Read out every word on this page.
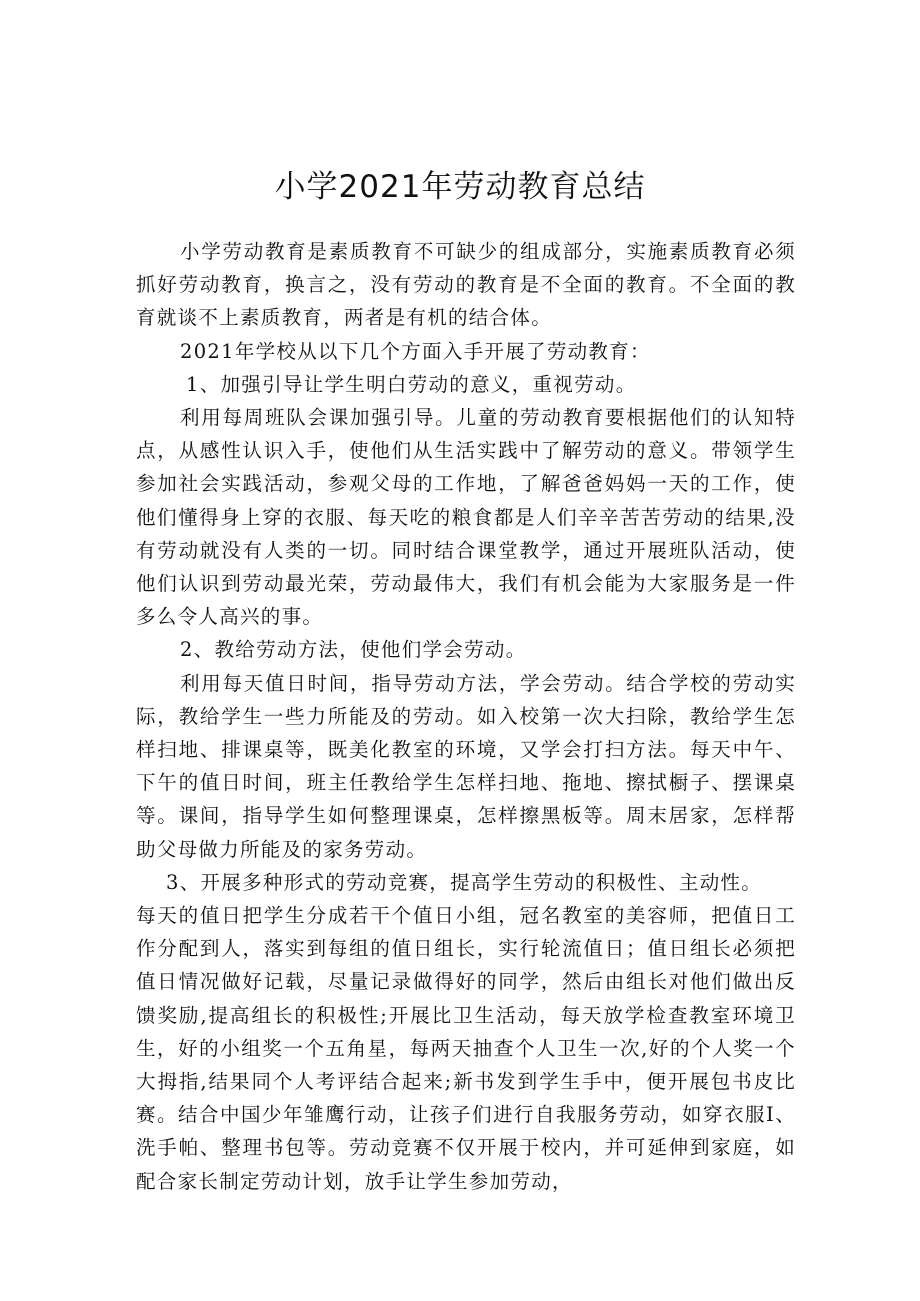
小学2021年劳动教育总结

小学劳动教育是素质教育不可缺少的组成部分，实施素质教育必须抓好劳动教育，换言之，没有劳动的教育是不全面的教育。不全面的教育就谈不上素质教育，两者是有机的结合体。

2021年学校从以下几个方面入手开展了劳动教育：

1、加强引导让学生明白劳动的意义，重视劳动。

利用每周班队会课加强引导。儿童的劳动教育要根据他们的认知特点，从感性认识入手，使他们从生活实践中了解劳动的意义。带领学生参加社会实践活动，参观父母的工作地，了解爸爸妈妈一天的工作，使他们懂得身上穿的衣服、每天吃的粮食都是人们辛辛苦苦劳动的结果,没有劳动就没有人类的一切。同时结合课堂教学，通过开展班队活动，使他们认识到劳动最光荣，劳动最伟大，我们有机会能为大家服务是一件多么令人高兴的事。

2、教给劳动方法，使他们学会劳动。

利用每天值日时间，指导劳动方法，学会劳动。结合学校的劳动实际，教给学生一些力所能及的劳动。如入校第一次大扫除，教给学生怎样扫地、排课桌等，既美化教室的环境，又学会打扫方法。每天中午、下午的值日时间，班主任教给学生怎样扫地、拖地、擦拭橱子、摆课桌等。课间，指导学生如何整理课桌，怎样擦黑板等。周末居家，怎样帮助父母做力所能及的家务劳动。

3、开展多种形式的劳动竞赛，提高学生劳动的积极性、主动性。

每天的值日把学生分成若干个值日小组，冠名教室的美容师，把值日工作分配到人，落实到每组的值日组长，实行轮流值日；值日组长必须把值日情况做好记载，尽量记录做得好的同学，然后由组长对他们做出反馈奖励,提高组长的积极性;开展比卫生活动，每天放学检查教室环境卫生，好的小组奖一个五角星，每两天抽查个人卫生一次,好的个人奖一个大拇指,结果同个人考评结合起来;新书发到学生手中，便开展包书皮比赛。结合中国少年雏鹰行动，让孩子们进行自我服务劳动，如穿衣服I、洗手帕、整理书包等。劳动竞赛不仅开展于校内，并可延伸到家庭，如配合家长制定劳动计划，放手让学生参加劳动，
